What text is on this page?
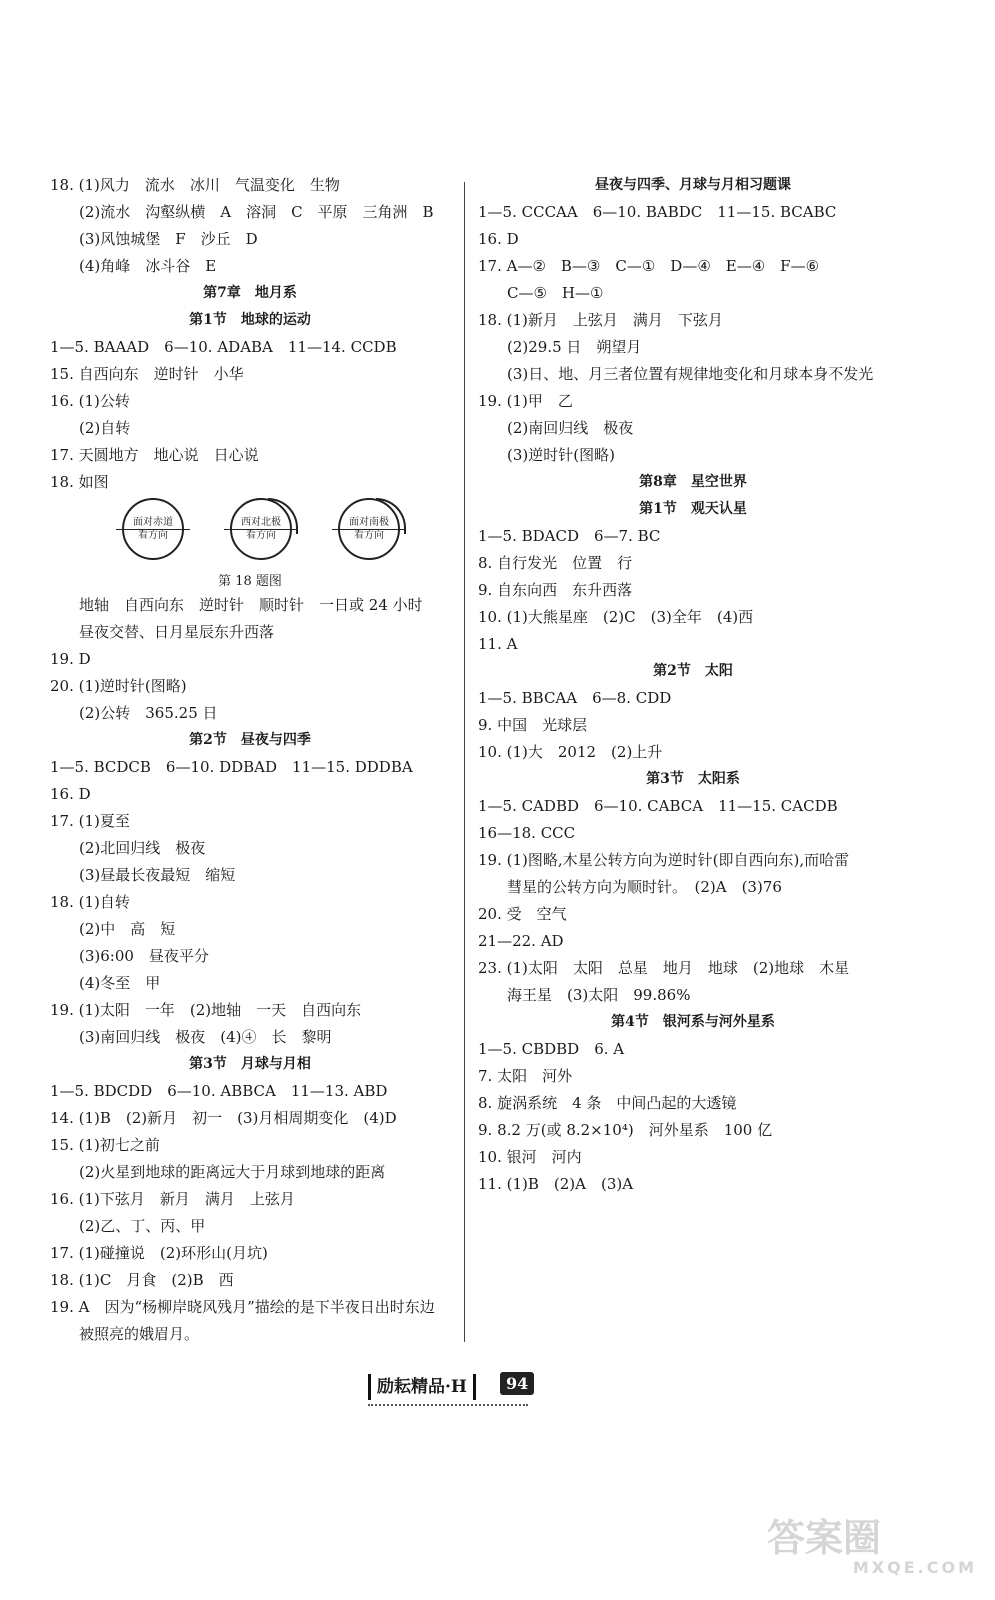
18. (1)风力　流水　冰川　气温变化　生物
(2)流水　沟壑纵横　A　溶洞　C　平原　三角洲　B
(3)风蚀城堡　F　沙丘　D
(4)角峰　冰斗谷　E
第7章　地月系
第1节　地球的运动
1—5. BAAAD　6—10. ADABA　11—14. CCDB
15. 自西向东　逆时针　小华
16. (1)公转
(2)自转
17. 天圆地方　地心说　日心说
18. 如图
面对赤道
看方向
西对北极
看方向
面对南极
看方向
第 18 题图
地轴　自西向东　逆时针　顺时针　一日或 24 小时
昼夜交替、日月星辰东升西落
19. D
20. (1)逆时针(图略)
(2)公转　365.25 日
第2节　昼夜与四季
1—5. BCDCB　6—10. DDBAD　11—15. DDDBA
16. D
17. (1)夏至
(2)北回归线　极夜
(3)昼最长夜最短　缩短
18. (1)自转
(2)中　高　短
(3)6:00　昼夜平分
(4)冬至　甲
19. (1)太阳　一年　(2)地轴　一天　自西向东
(3)南回归线　极夜　(4)④　长　黎明
第3节　月球与月相
1—5. BDCDD　6—10. ABBCA　11—13. ABD
14. (1)B　(2)新月　初一　(3)月相周期变化　(4)D
15. (1)初七之前
(2)火星到地球的距离远大于月球到地球的距离
16. (1)下弦月　新月　满月　上弦月
(2)乙、丁、丙、甲
17. (1)碰撞说　(2)环形山(月坑)
18. (1)C　月食　(2)B　西
19. A　因为“杨柳岸晓风残月”描绘的是下半夜日出时东边
被照亮的娥眉月。
昼夜与四季、月球与月相习题课
1—5. CCCAA　6—10. BABDC　11—15. BCABC
16. D
17. A—②　B—③　C—①　D—④　E—④　F—⑥
C—⑤　H—①
18. (1)新月　上弦月　满月　下弦月
(2)29.5 日　朔望月
(3)日、地、月三者位置有规律地变化和月球本身不发光
19. (1)甲　乙
(2)南回归线　极夜
(3)逆时针(图略)
第8章　星空世界
第1节　观天认星
1—5. BDACD　6—7. BC
8. 自行发光　位置　行
9. 自东向西　东升西落
10. (1)大熊星座　(2)C　(3)全年　(4)西
11. A
第2节　太阳
1—5. BBCAA　6—8. CDD
9. 中国　光球层
10. (1)大　2012　(2)上升
第3节　太阳系
1—5. CADBD　6—10. CABCA　11—15. CACDB
16—18. CCC
19. (1)图略,木星公转方向为逆时针(即自西向东),而哈雷
彗星的公转方向为顺时针。　(2)A　(3)76
20. 受　空气
21—22. AD
23. (1)太阳　太阳　总星　地月　地球　(2)地球　木星
海王星　(3)太阳　99.86%
第4节　银河系与河外星系
1—5. CBDBD　6. A
7. 太阳　河外
8. 旋涡系统　4 条　中间凸起的大透镜
9. 8.2 万(或 8.2×10⁴)　河外星系　100 亿
10. 银河　河内
11. (1)B　(2)A　(3)A
励耘精品·H	94
答案圈
MXQE.COM
